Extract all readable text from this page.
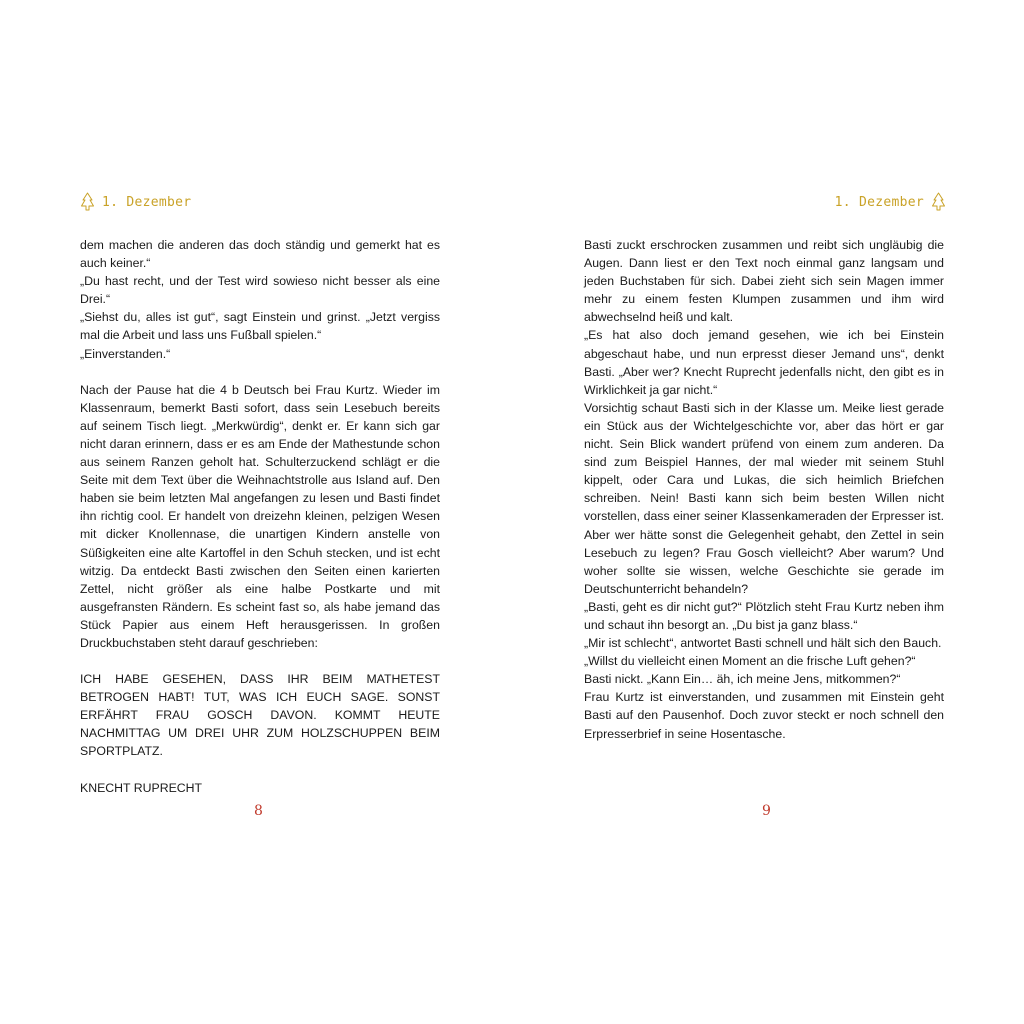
1. Dezember

dem machen die anderen das doch ständig und gemerkt hat es auch keiner.“

„Du hast recht, und der Test wird sowieso nicht besser als eine Drei.“

„Siehst du, alles ist gut“, sagt Einstein und grinst. „Jetzt vergiss mal die Arbeit und lass uns Fußball spielen.“

„Einverstanden.“

Nach der Pause hat die 4 b Deutsch bei Frau Kurtz. Wieder im Klassenraum, bemerkt Basti sofort, dass sein Lesebuch bereits auf seinem Tisch liegt. „Merkwürdig“, denkt er. Er kann sich gar nicht daran erinnern, dass er es am Ende der Mathestunde schon aus seinem Ranzen geholt hat. Schulterzuckend schlägt er die Seite mit dem Text über die Weihnachtstrolle aus Island auf. Den haben sie beim letzten Mal angefangen zu lesen und Basti findet ihn richtig cool. Er handelt von dreizehn kleinen, pelzigen Wesen mit dicker Knollennase, die unartigen Kindern anstelle von Süßigkeiten eine alte Kartoffel in den Schuh stecken, und ist echt witzig. Da entdeckt Basti zwischen den Seiten einen karierten Zettel, nicht größer als eine halbe Postkarte und mit ausgefransten Rändern. Es scheint fast so, als habe jemand das Stück Papier aus einem Heft herausgerissen. In großen Druckbuchstaben steht darauf geschrieben:

ICH HABE GESEHEN, DASS IHR BEIM MATHETEST BETROGEN HABT! TUT, WAS ICH EUCH SAGE. SONST ERFÄHRT FRAU GOSCH DAVON. KOMMT HEUTE NACHMITTAG UM DREI UHR ZUM HOLZSCHUPPEN BEIM SPORTPLATZ.

KNECHT RUPRECHT

8
1. Dezember

Basti zuckt erschrocken zusammen und reibt sich ungläubig die Augen. Dann liest er den Text noch einmal ganz langsam und jeden Buchstaben für sich. Dabei zieht sich sein Magen immer mehr zu einem festen Klumpen zusammen und ihm wird abwechselnd heiß und kalt.

„Es hat also doch jemand gesehen, wie ich bei Einstein abgeschaut habe, und nun erpresst dieser Jemand uns“, denkt Basti. „Aber wer? Knecht Ruprecht jedenfalls nicht, den gibt es in Wirklichkeit ja gar nicht.“

Vorsichtig schaut Basti sich in der Klasse um. Meike liest gerade ein Stück aus der Wichtelgeschichte vor, aber das hört er gar nicht. Sein Blick wandert prüfend von einem zum anderen. Da sind zum Beispiel Hannes, der mal wieder mit seinem Stuhl kippelt, oder Cara und Lukas, die sich heimlich Briefchen schreiben. Nein! Basti kann sich beim besten Willen nicht vorstellen, dass einer seiner Klassenkameraden der Erpresser ist. Aber wer hätte sonst die Gelegenheit gehabt, den Zettel in sein Lesebuch zu legen? Frau Gosch vielleicht? Aber warum? Und woher sollte sie wissen, welche Geschichte sie gerade im Deutschunterricht behandeln?

„Basti, geht es dir nicht gut?“ Plötzlich steht Frau Kurtz neben ihm und schaut ihn besorgt an. „Du bist ja ganz blass.“

„Mir ist schlecht“, antwortet Basti schnell und hält sich den Bauch.

„Willst du vielleicht einen Moment an die frische Luft gehen?“

Basti nickt. „Kann Ein… äh, ich meine Jens, mitkommen?“

Frau Kurtz ist einverstanden, und zusammen mit Einstein geht Basti auf den Pausenhof. Doch zuvor steckt er noch schnell den Erpresserbrief in seine Hosentasche.

9
